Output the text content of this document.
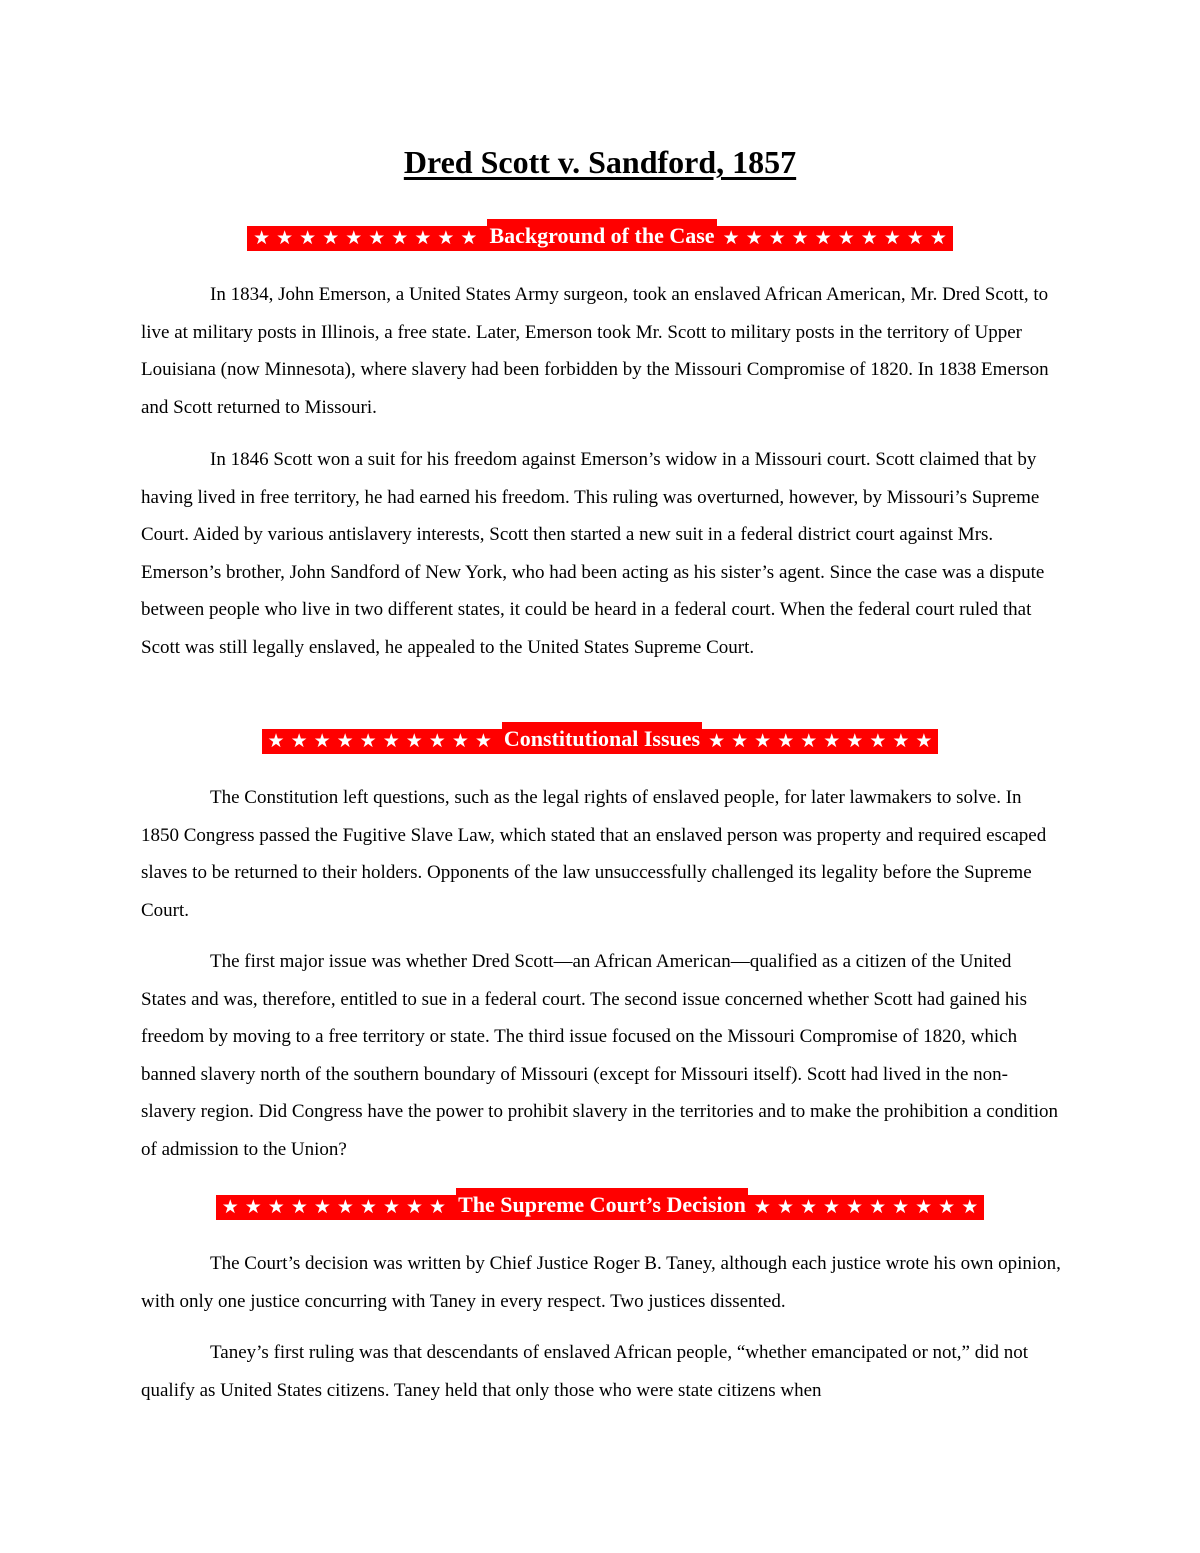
Dred Scott v. Sandford, 1857
★★★★★★★★★★ Background of the Case ★★★★★★★★★★

In 1834, John Emerson, a United States Army surgeon, took an enslaved African American, Mr. Dred Scott, to live at military posts in Illinois, a free state. Later, Emerson took Mr. Scott to military posts in the territory of Upper Louisiana (now Minnesota), where slavery had been forbidden by the Missouri Compromise of 1820. In 1838 Emerson and Scott returned to Missouri.

In 1846 Scott won a suit for his freedom against Emerson’s widow in a Missouri court. Scott claimed that by having lived in free territory, he had earned his freedom. This ruling was overturned, however, by Missouri’s Supreme Court. Aided by various antislavery interests, Scott then started a new suit in a federal district court against Mrs. Emerson’s brother, John Sandford of New York, who had been acting as his sister’s agent. Since the case was a dispute between people who live in two different states, it could be heard in a federal court. When the federal court ruled that Scott was still legally enslaved, he appealed to the United States Supreme Court.

★★★★★★★★★★ Constitutional Issues ★★★★★★★★★★

The Constitution left questions, such as the legal rights of enslaved people, for later lawmakers to solve. In 1850 Congress passed the Fugitive Slave Law, which stated that an enslaved person was property and required escaped slaves to be returned to their holders. Opponents of the law unsuccessfully challenged its legality before the Supreme Court.

The first major issue was whether Dred Scott—an African American—qualified as a citizen of the United States and was, therefore, entitled to sue in a federal court. The second issue concerned whether Scott had gained his freedom by moving to a free territory or state. The third issue focused on the Missouri Compromise of 1820, which banned slavery north of the southern boundary of Missouri (except for Missouri itself). Scott had lived in the non-slavery region. Did Congress have the power to prohibit slavery in the territories and to make the prohibition a condition of admission to the Union?

★★★★★★★★★★ The Supreme Court’s Decision ★★★★★★★★★★

The Court’s decision was written by Chief Justice Roger B. Taney, although each justice wrote his own opinion, with only one justice concurring with Taney in every respect. Two justices dissented.

Taney’s first ruling was that descendants of enslaved African people, “whether emancipated or not,” did not qualify as United States citizens. Taney held that only those who were state citizens when
